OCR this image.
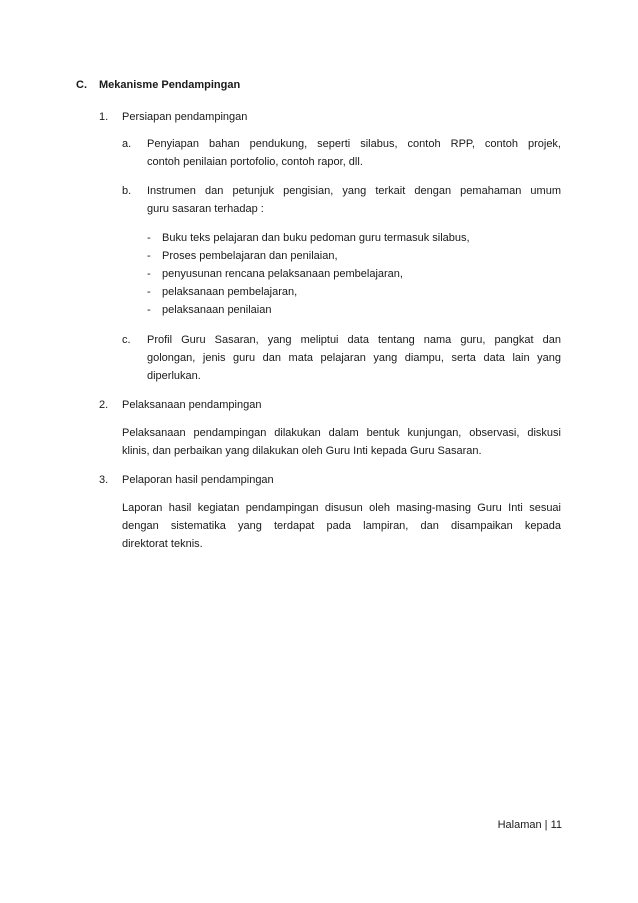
C. Mekanisme Pendampingan
1. Persiapan pendampingan
a. Penyiapan bahan pendukung, seperti silabus, contoh RPP, contoh projek,
contoh penilaian portofolio, contoh rapor, dll.
b. Instrumen dan petunjuk pengisian, yang terkait dengan pemahaman umum
guru sasaran terhadap :
- Buku teks pelajaran dan buku pedoman guru termasuk silabus,
- Proses pembelajaran dan penilaian,
- penyusunan rencana pelaksanaan pembelajaran,
- pelaksanaan pembelajaran,
- pelaksanaan penilaian
c. Profil Guru Sasaran, yang meliptui data tentang nama guru, pangkat dan
golongan, jenis guru dan mata pelajaran yang diampu, serta data lain yang
diperlukan.
2. Pelaksanaan pendampingan
Pelaksanaan pendampingan dilakukan dalam bentuk kunjungan, observasi, diskusi
klinis, dan perbaikan yang dilakukan oleh Guru Inti kepada Guru Sasaran.
3. Pelaporan hasil pendampingan
Laporan hasil kegiatan pendampingan disusun oleh masing-masing Guru Inti sesuai
dengan sistematika yang terdapat pada lampiran, dan disampaikan kepada
direktorat teknis.
Halaman | 11
